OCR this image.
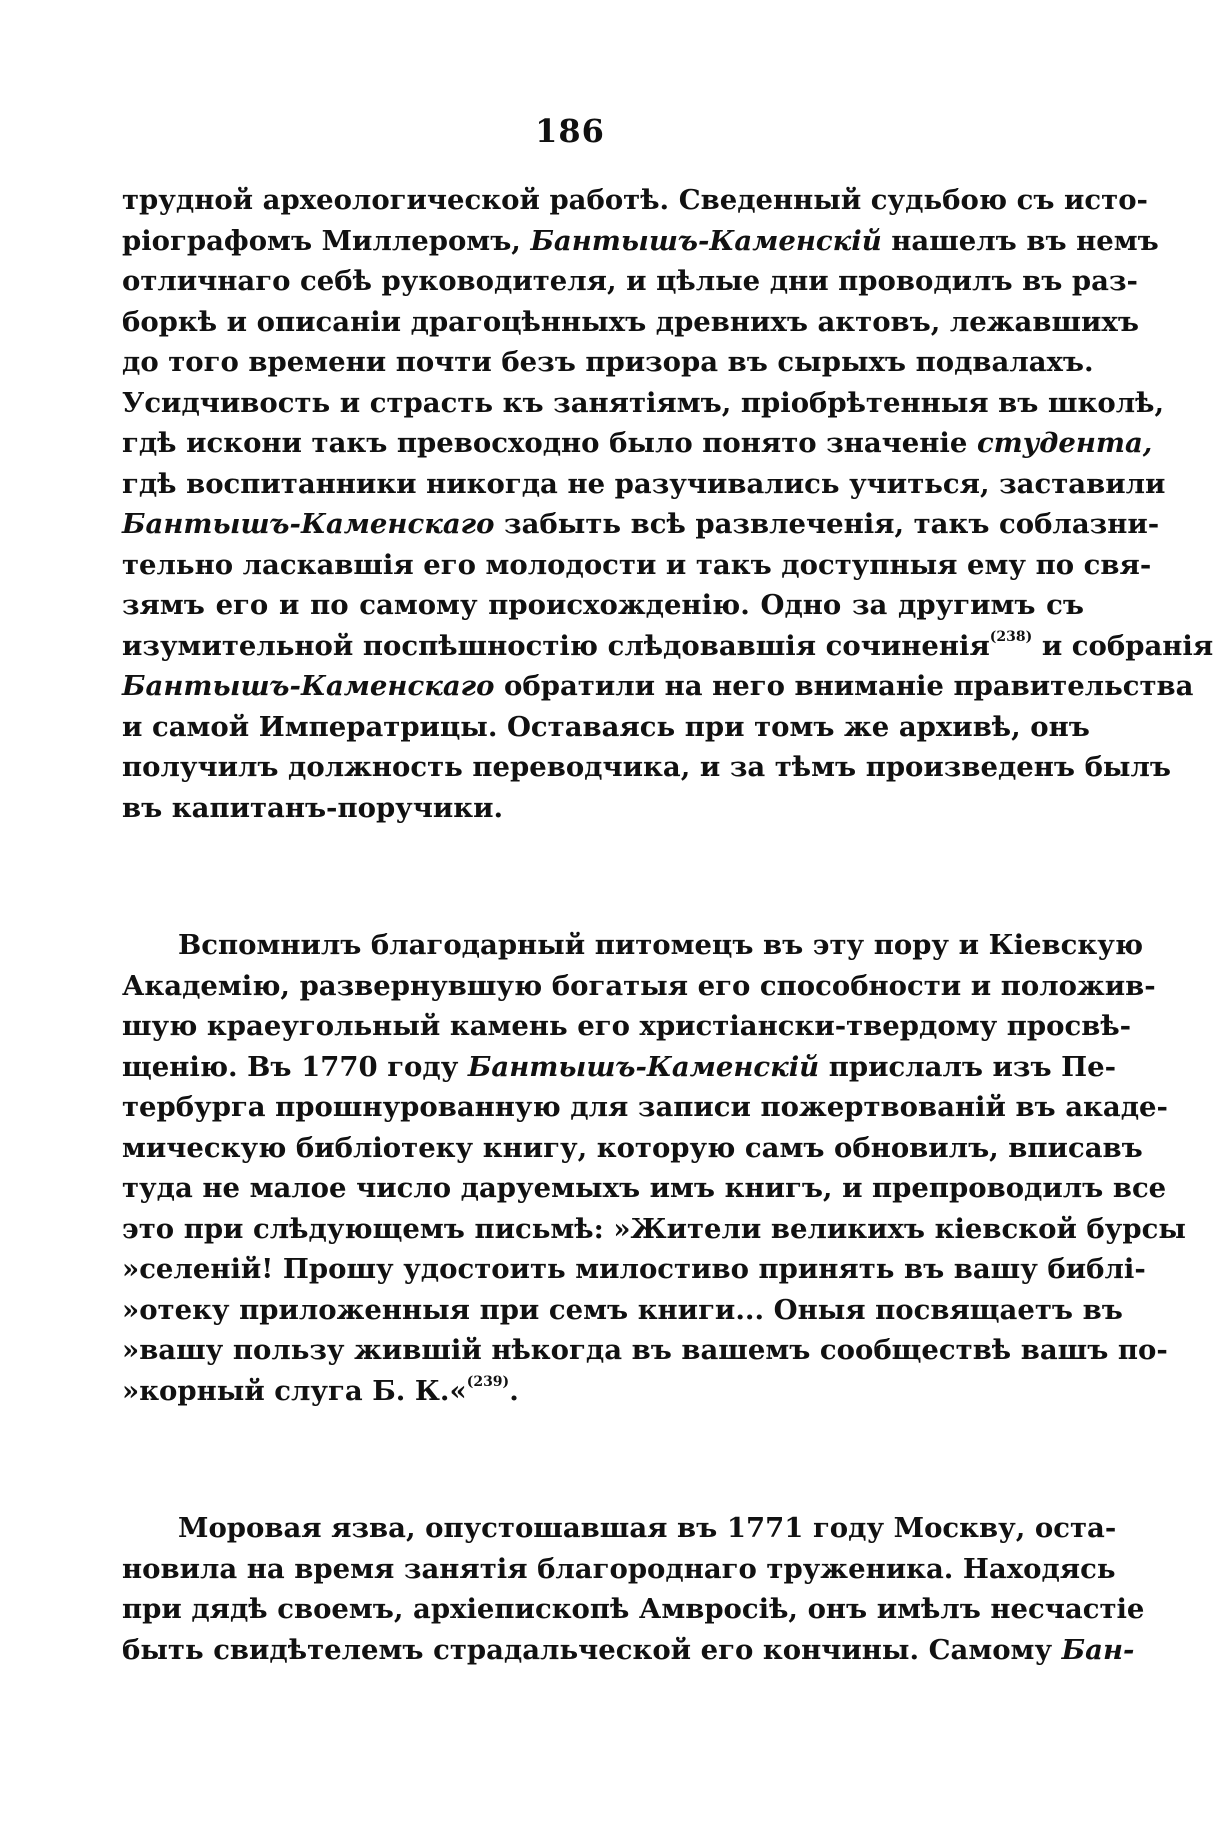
186
трудной археологической работѣ. Сведенный судьбою съ исто-
ріографомъ Миллеромъ, Бантышъ-Каменскій нашелъ въ немъ
отличнаго себѣ руководителя, и цѣлые дни проводилъ въ раз-
боркѣ и описаніи драгоцѣнныхъ древнихъ актовъ, лежавшихъ
до того времени почти безъ призора въ сырыхъ подвалахъ.
Усидчивость и страсть къ занятіямъ, пріобрѣтенныя въ школѣ,
гдѣ искони такъ превосходно было понято значеніе студента,
гдѣ воспитанники никогда не разучивались учиться, заставили
Бантышъ-Каменскаго забыть всѣ развлеченія, такъ соблазни-
тельно ласкавшія его молодости и такъ доступныя ему по свя-
зямъ его и по самому происхожденію. Одно за другимъ съ
изумительной поспѣшностію слѣдовавшія сочиненія$^{(238)}$ и собранія
Бантышъ-Каменскаго обратили на него вниманіе правительства
и самой Императрицы. Оставаясь при томъ же архивѣ, онъ
получилъ должность переводчика, и за тѣмъ произведенъ былъ
въ капитанъ-поручики.
Вспомнилъ благодарный питомецъ въ эту пору и Кіевскую
Академію, развернувшую богатыя его способности и положив-
шую краеугольный камень его христіански-твердому просвѣ-
щенію. Въ 1770 году Бантышъ-Каменскій прислалъ изъ Пе-
тербурга прошнурованную для записи пожертвованій въ акаде-
мическую библіотеку книгу, которую самъ обновилъ, вписавъ
туда не малое число даруемыхъ имъ книгъ, и препроводилъ все
это при слѣдующемъ письмѣ: »Жители великихъ кіевской бурсы
»селеній! Прошу удостоить милостиво принять въ вашу библі-
»отеку приложенныя при семъ книги... Оныя посвящаетъ въ
»вашу пользу жившій нѣкогда въ вашемъ сообществѣ вашъ по-
»корный слуга Б. К.«$^{(239)}$.
Моровая язва, опустошавшая въ 1771 году Москву, оста-
новила на время занятія благороднаго труженика. Находясь
при дядѣ своемъ, архіепископѣ Амвросіѣ, онъ имѣлъ несчастіе
быть свидѣтелемъ страдальческой его кончины. Самому Бан-
